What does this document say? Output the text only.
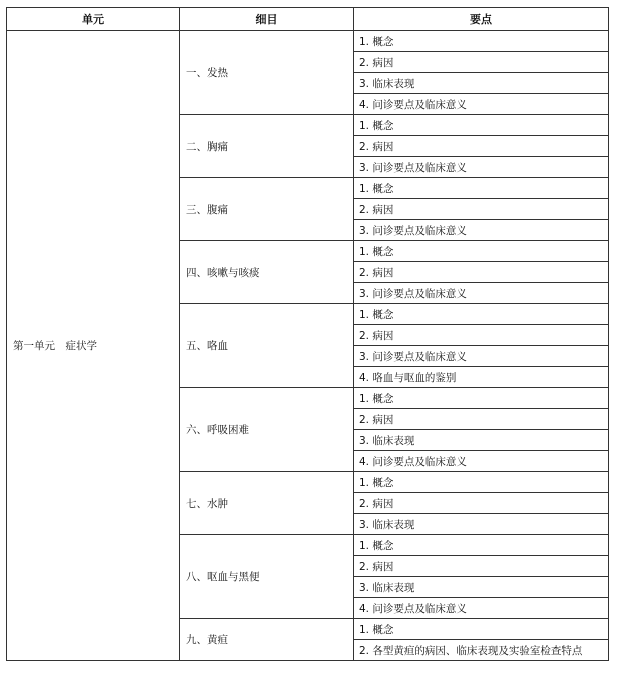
单元	细目	要点
第一单元　症状学	一、发热	1. 概念
		2. 病因
		3. 临床表现
		4. 问诊要点及临床意义
	二、胸痛	1. 概念
		2. 病因
		3. 问诊要点及临床意义
	三、腹痛	1. 概念
		2. 病因
		3. 问诊要点及临床意义
	四、咳嗽与咳痰	1. 概念
		2. 病因
		3. 问诊要点及临床意义
	五、咯血	1. 概念
		2. 病因
		3. 问诊要点及临床意义
		4. 咯血与呕血的鉴别
	六、呼吸困难	1. 概念
		2. 病因
		3. 临床表现
		4. 问诊要点及临床意义
	七、水肿	1. 概念
		2. 病因
		3. 临床表现
	八、呕血与黑便	1. 概念
		2. 病因
		3. 临床表现
		4. 问诊要点及临床意义
	九、黄疸	1. 概念
		2. 各型黄疸的病因、临床表现及实验室检查特点
